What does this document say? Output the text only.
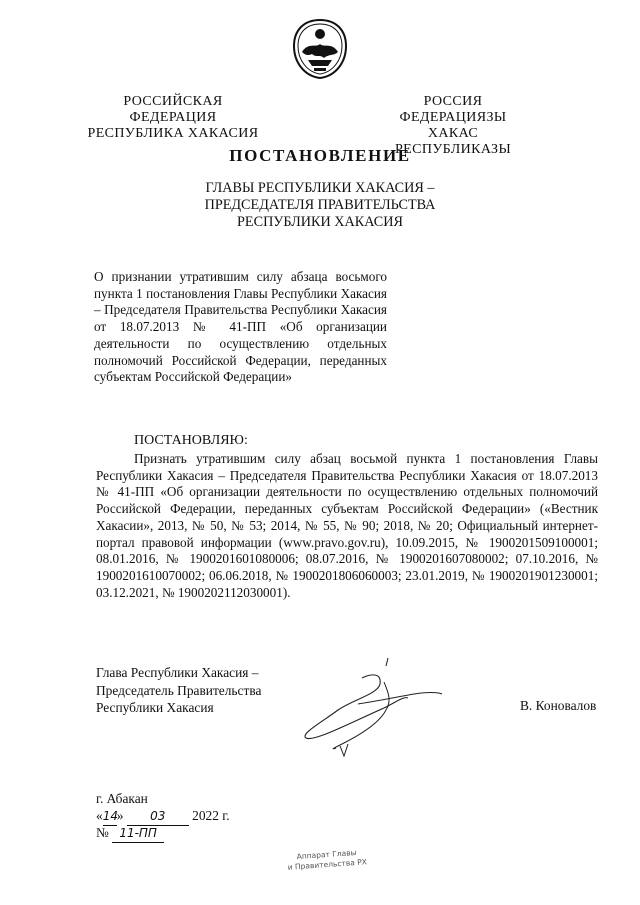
РОССИЙСКАЯ ФЕДЕРАЦИЯ
РЕСПУБЛИКА ХАКАСИЯ
РОССИЯ ФЕДЕРАЦИЯЗЫ
ХАКАС РЕСПУБЛИКАЗЫ
ПОСТАНОВЛЕНИЕ
ГЛАВЫ РЕСПУБЛИКИ ХАКАСИЯ –
ПРЕДСЕДАТЕЛЯ ПРАВИТЕЛЬСТВА
РЕСПУБЛИКИ ХАКАСИЯ
О признании утратившим силу абзаца восьмого пункта 1 постановления Главы Республики Хакасия – Председателя Правительства Республики Хакасия от 18.07.2013 № 41-ПП «Об организации деятельности по осуществлению отдельных полномочий Российской Федерации, переданных субъектам Российской Федерации»
ПОСТАНОВЛЯЮ:
Признать утратившим силу абзац восьмой пункта 1 постановления Главы Республики Хакасия – Председателя Правительства Республики Хакасия от 18.07.2013 № 41-ПП «Об организации деятельности по осуществлению отдельных полномочий Российской Федерации, переданных субъектам Российской Федерации» («Вестник Хакасии», 2013, № 50, № 53; 2014, № 55, № 90; 2018, № 20; Официальный интернет-портал правовой информации (www.pravo.gov.ru), 10.09.2015, № 1900201509100001; 08.01.2016, № 1900201601080006; 08.07.2016, № 1900201607080002; 07.10.2016, № 1900201610070002; 06.06.2018, № 1900201806060003; 23.01.2019, № 1900201901230001; 03.12.2021, № 1900202112030001).
Глава Республики Хакасия –
Председатель Правительства
Республики Хакасия	В. Коновалов
г. Абакан
«14» 03 2022 г.
№ 11-ПП
Аппарат Главы
и Правительства РХ
